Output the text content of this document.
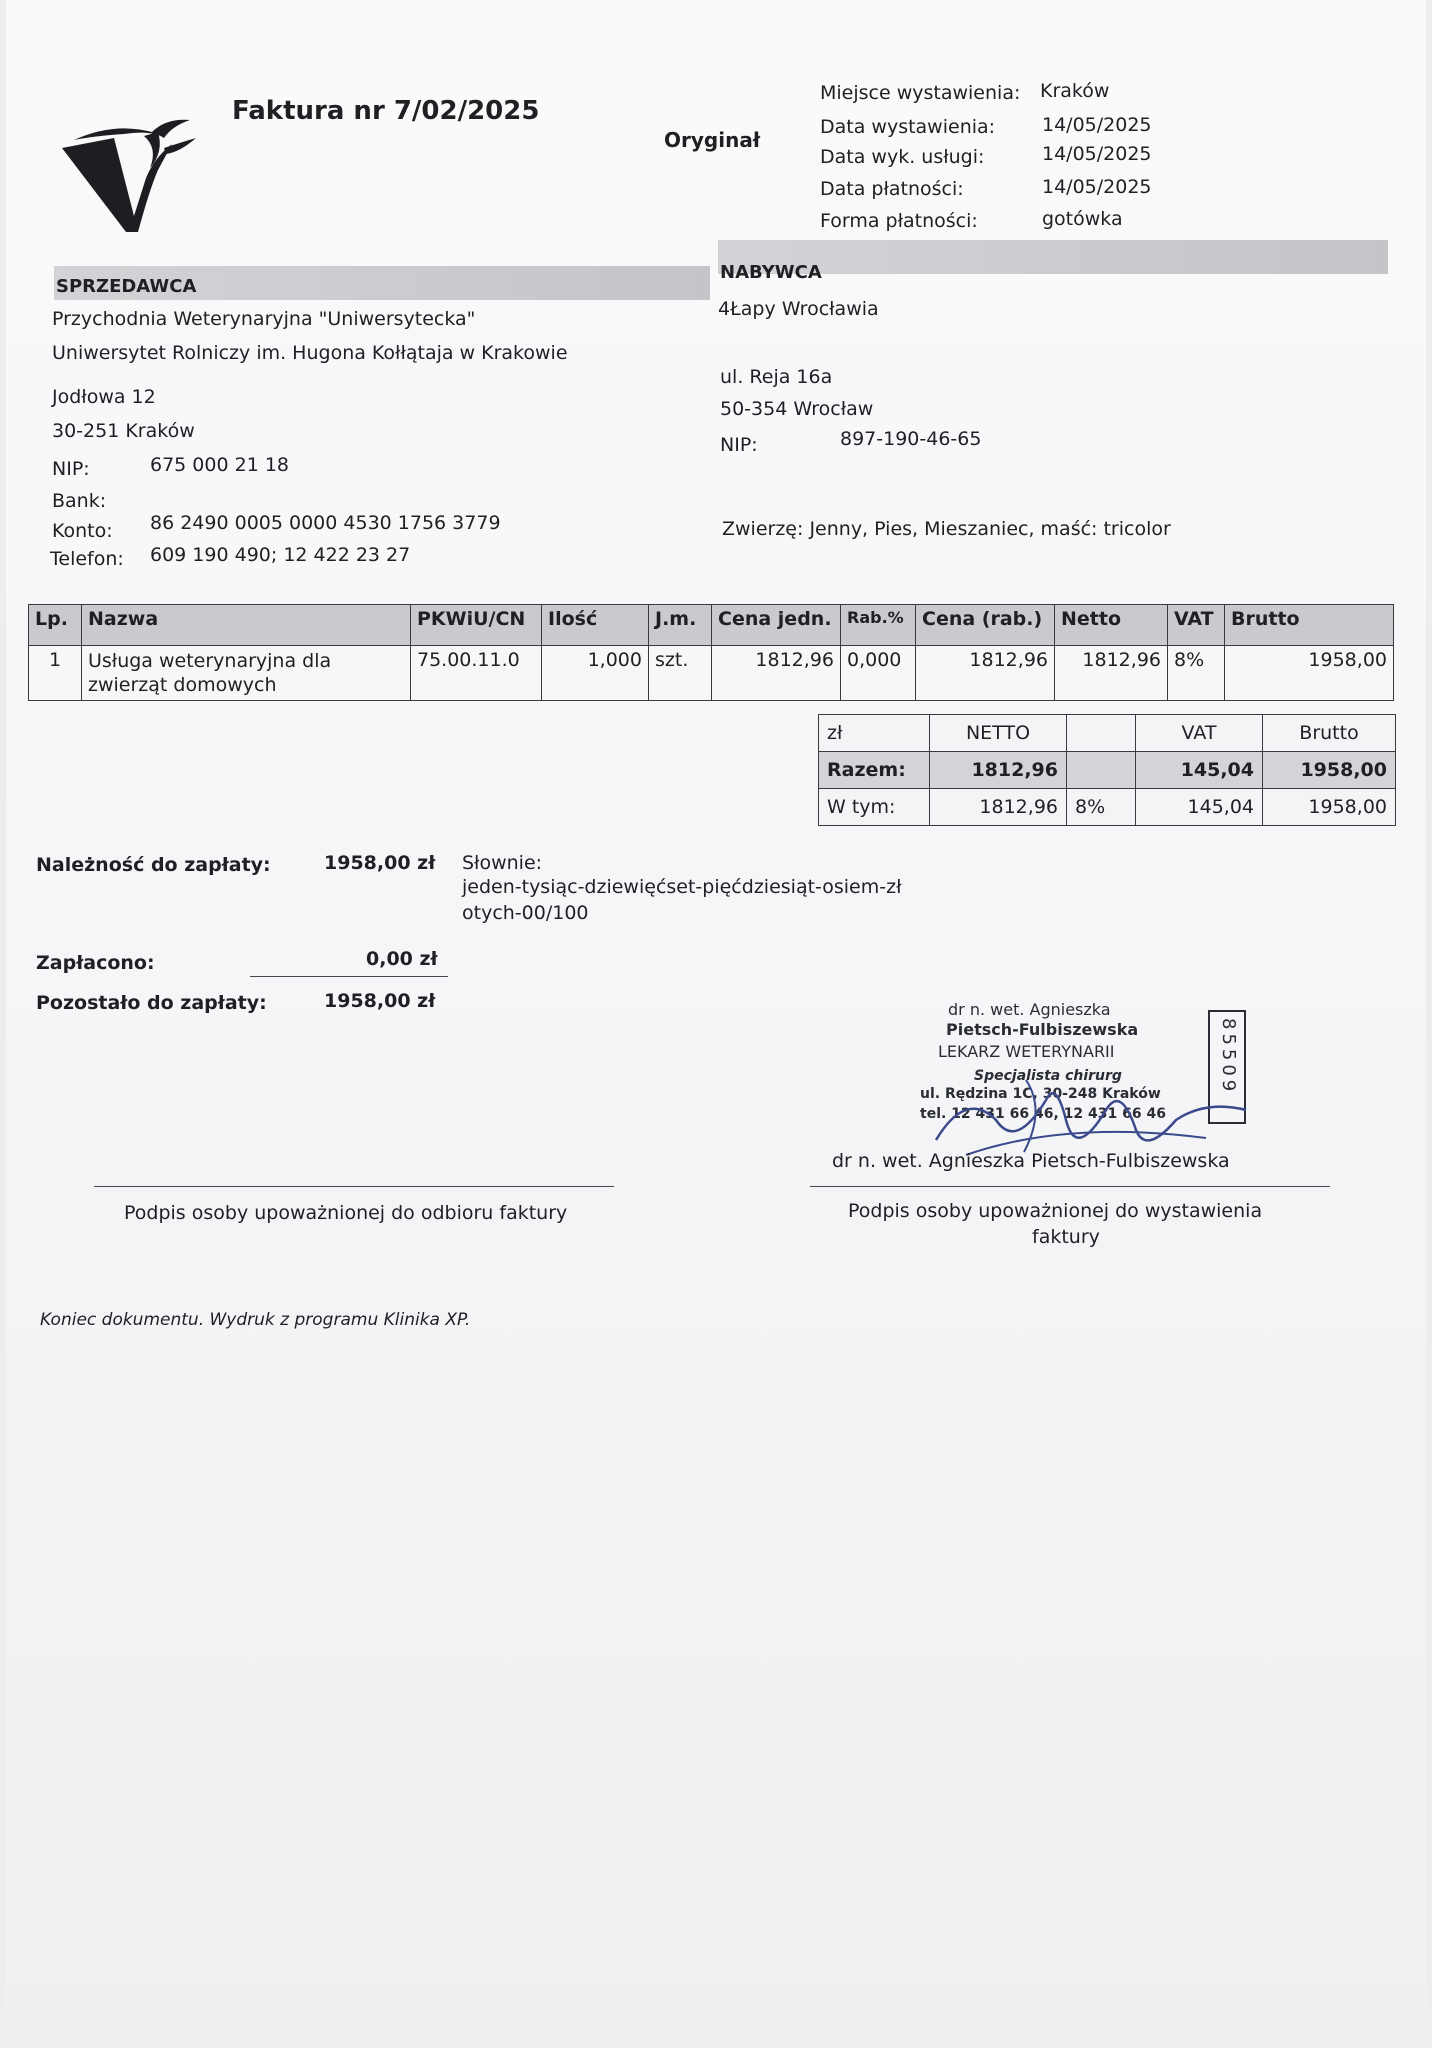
Faktura nr 7/02/2025
Oryginał
Miejsce wystawienia: Kraków
Data wystawienia: 14/05/2025
Data wyk. usługi:	14/05/2025
Data płatności:	14/05/2025
Forma płatności:	gotówka
SPRZEDAWCA
Przychodnia Weterynaryjna "Uniwersytecka"
Uniwersytet Rolniczy im. Hugona Kołłątaja w Krakowie
Jodłowa 12
30-251 Kraków
NIP:	675 000 21 18
Bank:
Konto: 86 2490 0005 0000 4530 1756 3779
Telefon: 609 190 490; 12 422 23 27
NABYWCA
4Łapy Wrocławia
ul. Reja 16a
50-354 Wrocław
NIP:	897-190-46-65
Zwierzę: Jenny, Pies, Mieszaniec, maść: tricolor
Lp.	Nazwa	PKWiU/CN	Ilość	J.m.	Cena jedn.	Rab.%	Cena (rab.)	Netto	VAT	Brutto
1	Usługa weterynaryjna dla
zwierząt domowych	75.00.11.0	1,000	szt.	1812,96	0,000	1812,96	1812,96	8%	1958,00
zł	NETTO		VAT	Brutto
Razem:	1812,96		145,04	1958,00
W tym:	1812,96	8%	145,04	1958,00
Należność do zapłaty:	1958,00 zł Słownie:
jeden-tysiąc-dziewięćset-pięćdziesiąt-osiem-zł
otych-00/100
Zapłacono:	0,00 zł
Pozostało do zapłaty:	1958,00 zł	dr n. wet. Agnieszka
Pietsch-Fulbiszewska
LEKARZ WETERYNARII
Specjalista chirurg
ul. Rędzina 1C, 30-248 Kraków
tel. 12 431 66 46, 12 431 66 46
85509
dr n. wet. Agnieszka Pietsch-Fulbiszewska
Podpis osoby upoważnionej do odbioru faktury	Podpis osoby upoważnionej do wystawienia
faktury
Koniec dokumentu. Wydruk z programu Klinika XP.
